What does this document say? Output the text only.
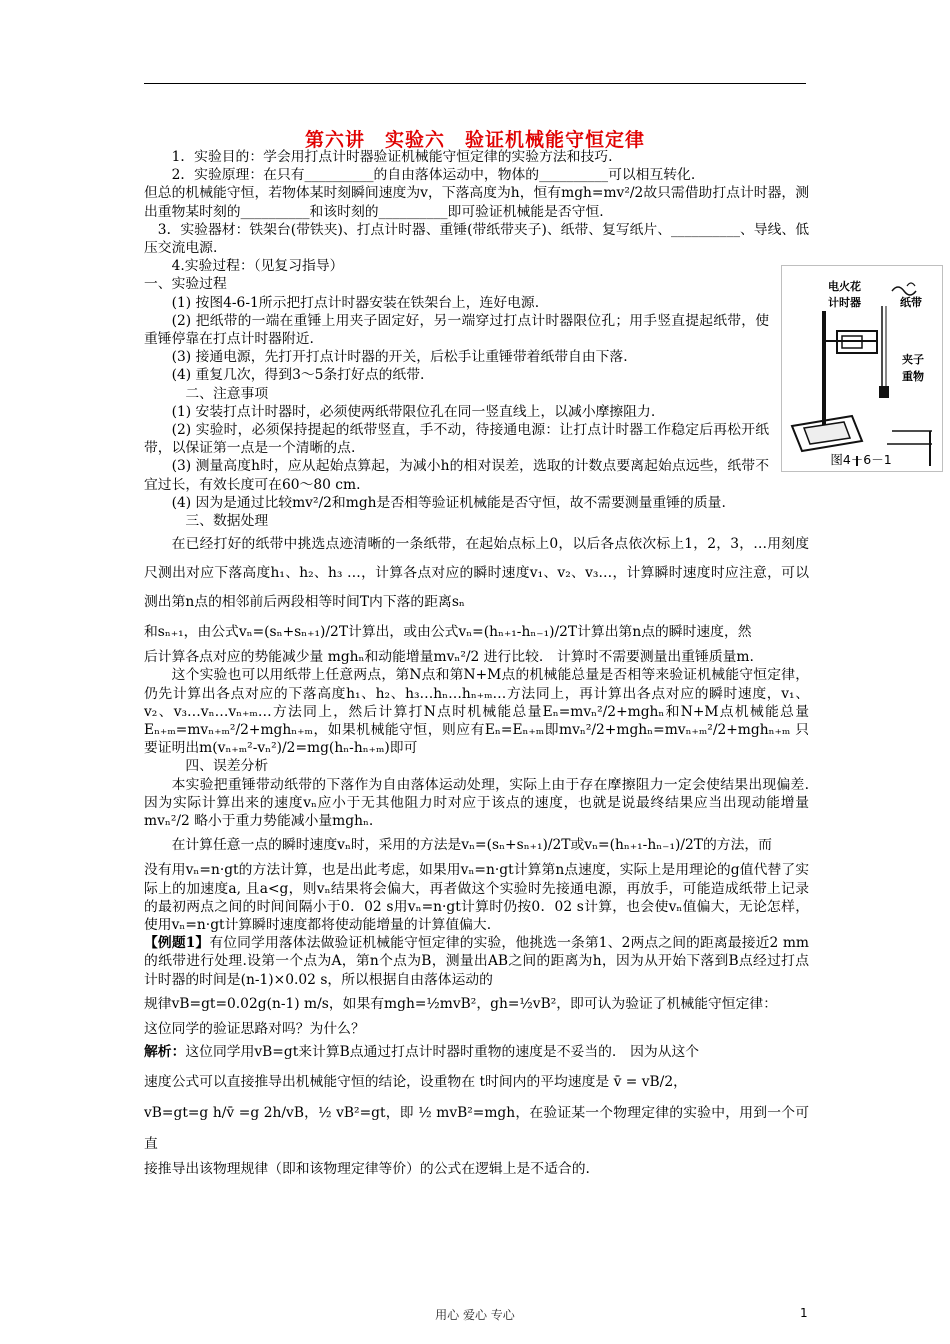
第六讲　实验六　验证机械能守恒定律

1．实验目的：学会用打点计时器验证机械能守恒定律的实验方法和技巧.

2．实验原理：在只有__________的自由落体运动中，物体的__________可以相互转化.

但总的机械能守恒，若物体某时刻瞬间速度为v，下落高度为h，恒有mgh=mv²/2故只需借助打点计时器，测出重物某时刻的__________和该时刻的__________即可验证机械能是否守恒.

3．实验器材：铁架台(带铁夹)、打点计时器、重锤(带纸带夹子)、纸带、复写纸片、__________、导线、低压交流电源.

4.实验过程：（见复习指导）

一、实验过程

(1) 按图4-6-1所示把打点计时器安装在铁架台上，连好电源.

(2) 把纸带的一端在重锤上用夹子固定好，另一端穿过打点计时器限位孔；用手竖直提起纸带，使重锤停靠在打点计时器附近.

(3) 接通电源，先打开打点计时器的开关，后松手让重锤带着纸带自由下落.

(4) 重复几次，得到3～5条打好点的纸带.

二、注意事项

(1) 安装打点计时器时，必须使两纸带限位孔在同一竖直线上，以减小摩擦阻力.

(2) 实验时，必须保持提起的纸带竖直，手不动，待接通电源：让打点计时器工作稳定后再松开纸带，以保证第一点是一个清晰的点.

(3) 测量高度h时，应从起始点算起，为减小h的相对误差，选取的计数点要离起始点远些，纸带不宜过长，有效长度可在60～80 cm.

(4) 因为是通过比较mv²/2和mgh是否相等验证机械能是否守恒，故不需要测量重锤的质量.

三、数据处理

在已经打好的纸带中挑选点迹清晰的一条纸带，在起始点标上0，以后各点依次标上1，2，3，…用刻度尺测出对应下落高度h₁、h₂、h₃ …，计算各点对应的瞬时速度v₁、v₂、v₃…，计算瞬时速度时应注意，可以测出第n点的相邻前后两段相等时间T内下落的距离sₙ

和sₙ₊₁，由公式vₙ=(sₙ+sₙ₊₁)/2T计算出，或由公式vₙ=(hₙ₊₁-hₙ₋₁)/2T计算出第n点的瞬时速度，然

后计算各点对应的势能减少量 mghₙ和动能增量mvₙ²/2 进行比较.　计算时不需要测量出重锤质量m.

这个实验也可以用纸带上任意两点，第N点和第N+M点的机械能总量是否相等来验证机械能守恒定律，仍先计算出各点对应的下落高度h₁、h₂、h₃…hₙ…hₙ₊ₘ…方法同上，再计算出各点对应的瞬时速度，v₁、v₂、v₃…vₙ…vₙ₊ₘ…方法同上，然后计算打N点时机械能总量Eₙ=mvₙ²/2+mghₙ和N+M点机械能总量Eₙ₊ₘ=mvₙ₊ₘ²/2+mghₙ₊ₘ，如果机械能守恒，则应有Eₙ=Eₙ₊ₘ即mvₙ²/2+mghₙ=mvₙ₊ₘ²/2+mghₙ₊ₘ 只要证明出m(vₙ₊ₘ²-vₙ²)/2=mg(hₙ-hₙ₊ₘ)即可

四、误差分析

本实验把重锤带动纸带的下落作为自由落体运动处理，实际上由于存在摩擦阻力一定会使结果出现偏差.　因为实际计算出来的速度vₙ应小于无其他阻力时对应于该点的速度，也就是说最终结果应当出现动能增量mvₙ²/2 略小于重力势能减小量mghₙ.

在计算任意一点的瞬时速度vₙ时，采用的方法是vₙ=(sₙ+sₙ₊₁)/2T或vₙ=(hₙ₊₁-hₙ₋₁)/2T的方法，而

没有用vₙ=n·gt的方法计算，也是出此考虑，如果用vₙ=n·gt计算第n点速度，实际上是用理论的g值代替了实际上的加速度a, 且a<g，则vₙ结果将会偏大，再者做这个实验时先接通电源，再放手，可能造成纸带上记录的最初两点之间的时间间隔小于0．02 s用vₙ=n·gt计算时仍按0．02 s计算，也会使vₙ值偏大，无论怎样，使用vₙ=n·gt计算瞬时速度都将使动能增量的计算值偏大.

【例题1】有位同学用落体法做验证机械能守恒定律的实验，他挑选一条第1、2两点之间的距离最接近2 mm的纸带进行处理.设第一个点为A，第n个点为B，测量出AB之间的距离为h，因为从开始下落到B点经过打点计时器的时间是(n-1)×0.02 s，所以根据自由落体运动的

规律vB=gt=0.02g(n-1) m/s，如果有mgh=½mvB²，gh=½vB²，即可认为验证了机械能守恒定律：

这位同学的验证思路对吗？为什么？

解析：这位同学用vB=gt来计算B点通过打点计时器时重物的速度是不妥当的.　因为从这个

速度公式可以直接推导出机械能守恒的结论，设重物在 t时间内的平均速度是 v̄ = vB/2，

vB=gt=g h/v̄ =g 2h/vB，½ vB²=gt，即 ½ mvB²=mgh，在验证某一个物理定律的实验中，用到一个可直

接推导出该物理规律（即和该物理定律等价）的公式在逻辑上是不适合的.

电火花
计时器	纸带
夹子
重物
图4－6－1
用心 爱心 专心	1
